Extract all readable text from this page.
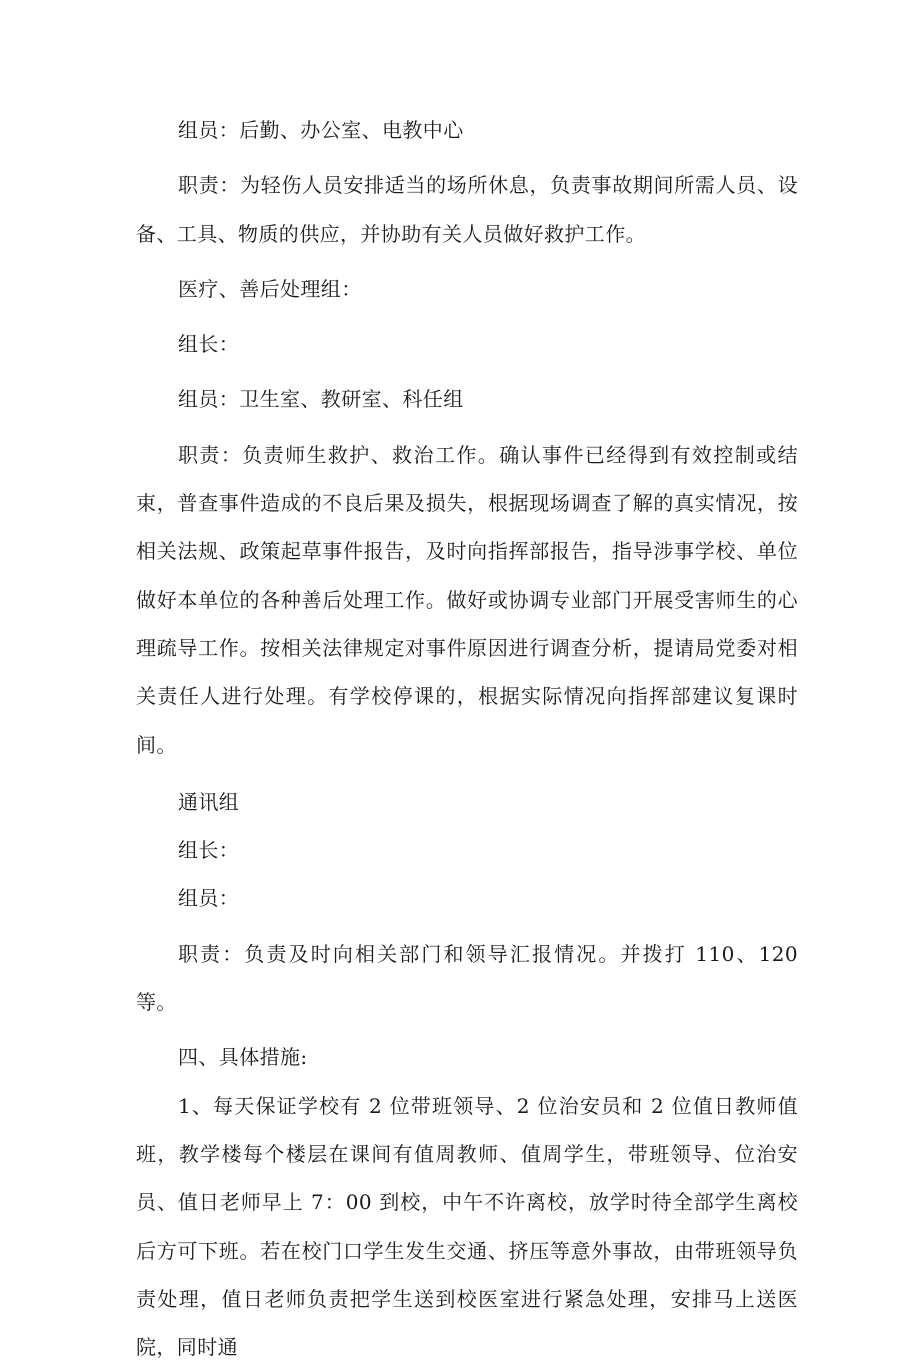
组员：后勤、办公室、电教中心

职责：为轻伤人员安排适当的场所休息，负责事故期间所需人员、设备、工具、物质的供应，并协助有关人员做好救护工作。

医疗、善后处理组：

组长：

组员：卫生室、教研室、科任组

职责：负责师生救护、救治工作。确认事件已经得到有效控制或结束，普查事件造成的不良后果及损失，根据现场调查了解的真实情况，按相关法规、政策起草事件报告，及时向指挥部报告，指导涉事学校、单位做好本单位的各种善后处理工作。做好或协调专业部门开展受害师生的心理疏导工作。按相关法律规定对事件原因进行调查分析，提请局党委对相关责任人进行处理。有学校停课的，根据实际情况向指挥部建议复课时间。

通讯组

组长：

组员：

职责：负责及时向相关部门和领导汇报情况。并拨打 110、120 等。

四、具体措施:

1、每天保证学校有 2 位带班领导、2 位治安员和 2 位值日教师值班，教学楼每个楼层在课间有值周教师、值周学生，带班领导、位治安员、值日老师早上 7：00 到校，中午不许离校，放学时待全部学生离校后方可下班。若在校门口学生发生交通、挤压等意外事故，由带班领导负责处理，值日老师负责把学生送到校医室进行紧急处理，安排马上送医院，同时通
